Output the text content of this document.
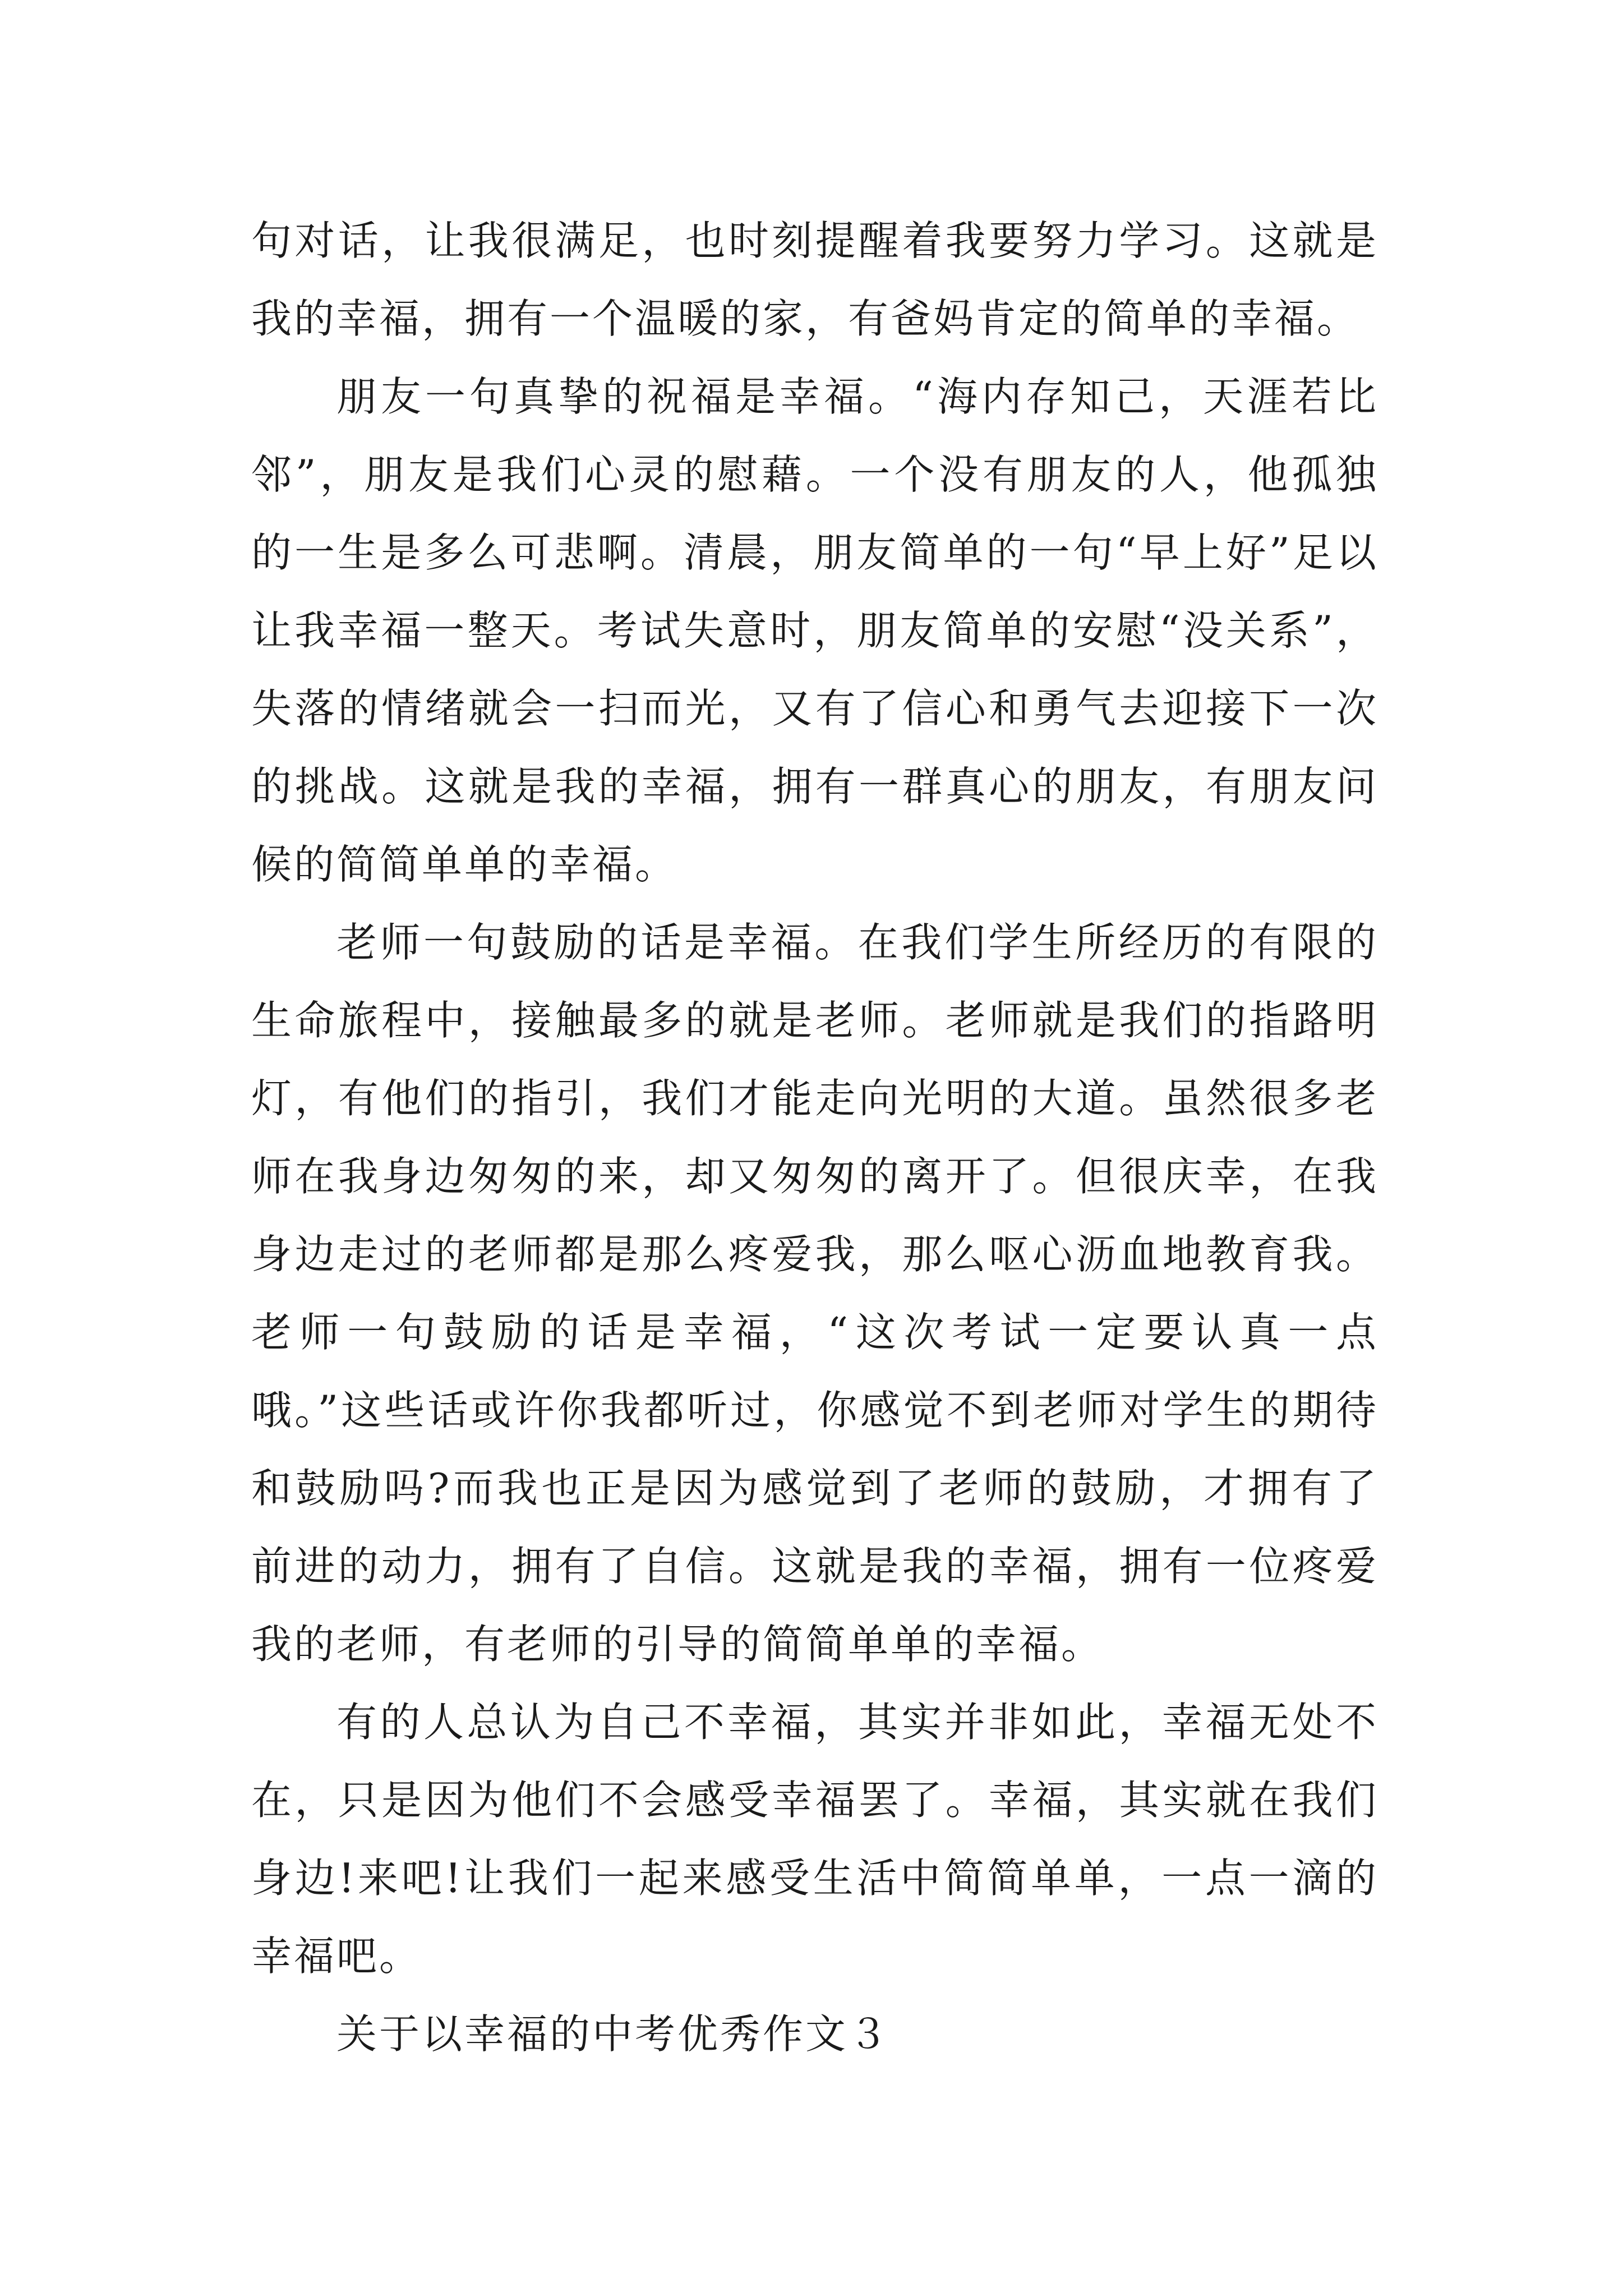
句对话，让我很满足，也时刻提醒着我要努力学习。这就是我的幸福，拥有一个温暖的家，有爸妈肯定的简单的幸福。

朋友一句真挚的祝福是幸福。“海内存知己，天涯若比邻”，朋友是我们心灵的慰藉。一个没有朋友的人，他孤独的一生是多么可悲啊。清晨，朋友简单的一句“早上好”足以让我幸福一整天。考试失意时，朋友简单的安慰“没关系”，失落的情绪就会一扫而光，又有了信心和勇气去迎接下一次的挑战。这就是我的幸福，拥有一群真心的朋友，有朋友问候的简简单单的幸福。

老师一句鼓励的话是幸福。在我们学生所经历的有限的生命旅程中，接触最多的就是老师。老师就是我们的指路明灯，有他们的指引，我们才能走向光明的大道。虽然很多老师在我身边匆匆的来，却又匆匆的离开了。但很庆幸，在我身边走过的老师都是那么疼爱我，那么呕心沥血地教育我。老师一句鼓励的话是幸福，“这次考试一定要认真一点哦。”这些话或许你我都听过，你感觉不到老师对学生的期待和鼓励吗?而我也正是因为感觉到了老师的鼓励，才拥有了前进的动力，拥有了自信。这就是我的幸福，拥有一位疼爱我的老师，有老师的引导的简简单单的幸福。

有的人总认为自己不幸福，其实并非如此，幸福无处不在，只是因为他们不会感受幸福罢了。幸福，其实就在我们身边!来吧!让我们一起来感受生活中简简单单，一点一滴的幸福吧。

关于以幸福的中考优秀作文３
